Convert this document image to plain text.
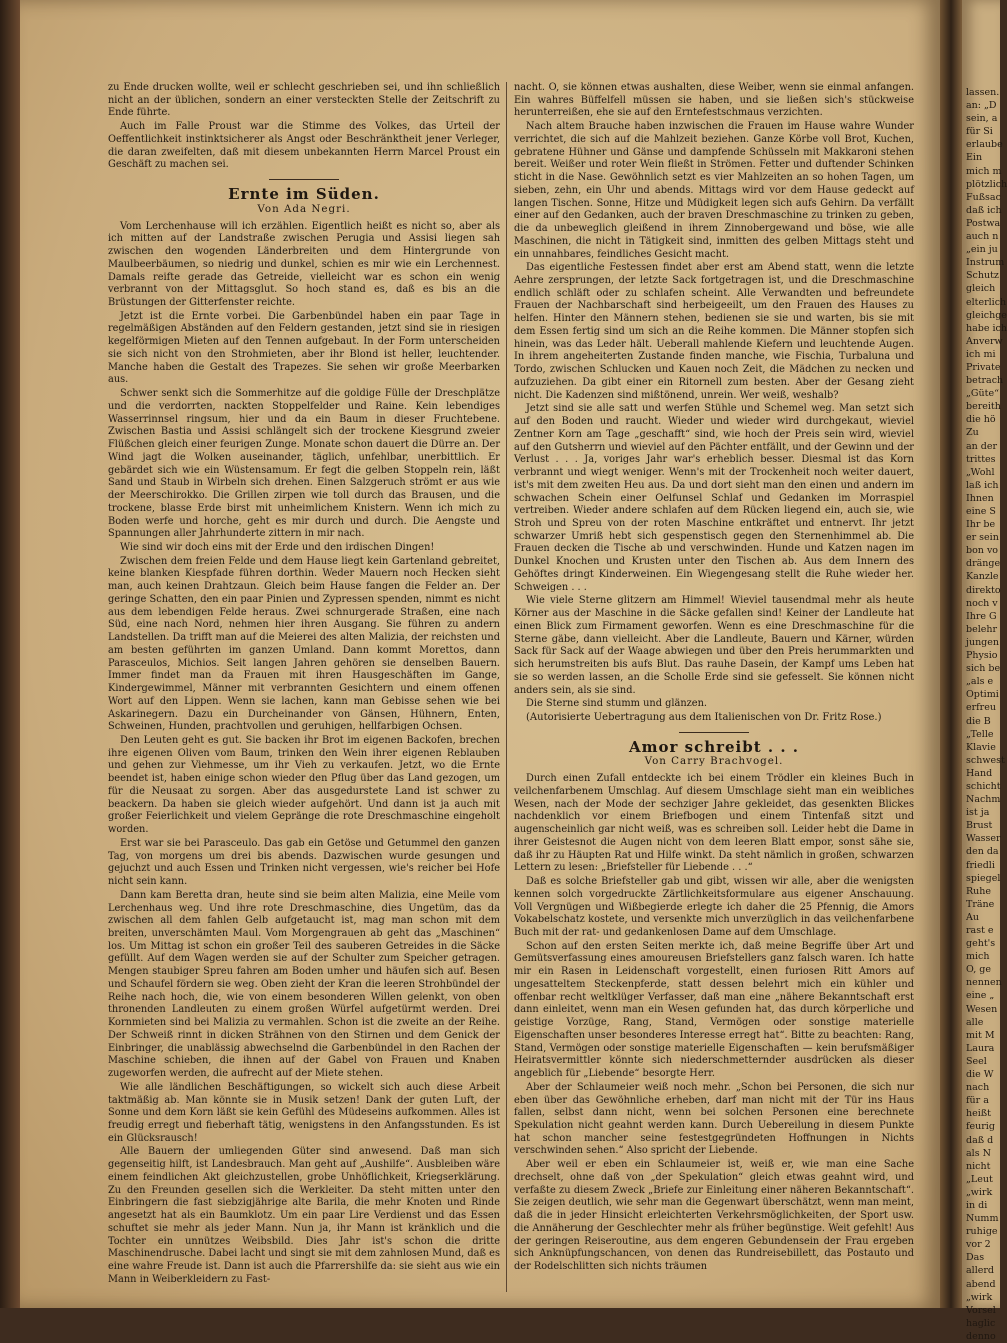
zu Ende drucken wollte, weil er schlecht geschrieben sei, und ihn schließlich nicht an der üblichen, sondern an einer versteckten Stelle der Zeitschrift zu Ende führte.

Auch im Falle Proust war die Stimme des Volkes, das Urteil der Oeffentlichkeit instinktsicherer als Angst oder Beschränktheit jener Verleger, die daran zweifelten, daß mit diesem unbekannten Herrn Marcel Proust ein Geschäft zu machen sei.

Ernte im Süden.
Von Ada Negri.

Vom Lerchenhause will ich erzählen. Eigentlich heißt es nicht so, aber als ich mitten auf der Landstraße zwischen Perugia und Assisi liegen sah zwischen den wogenden Länderbreiten und dem Hintergrunde von Maulbeerbäumen, so niedrig und dunkel, schien es mir wie ein Lerchennest. Damals reifte gerade das Getreide, vielleicht war es schon ein wenig verbrannt von der Mittagsglut. So hoch stand es, daß es bis an die Brüstungen der Gitterfenster reichte.

Jetzt ist die Ernte vorbei. Die Garbenbündel haben ein paar Tage in regelmäßigen Abständen auf den Feldern gestanden, jetzt sind sie in riesigen kegelförmigen Mieten auf den Tennen aufgebaut. In der Form unterscheiden sie sich nicht von den Strohmieten, aber ihr Blond ist heller, leuchtender. Manche haben die Gestalt des Trapezes. Sie sehen wir große Meerbarken aus.

Schwer senkt sich die Sommerhitze auf die goldige Fülle der Dreschplätze und die verdorrten, nackten Stoppelfelder und Raine. Kein lebendiges Wasserrinnsel ringsum, hier und da ein Baum in dieser Fruchtebene. Zwischen Bastia und Assisi schlängelt sich der trockene Kiesgrund zweier Flüßchen gleich einer feurigen Zunge. Monate schon dauert die Dürre an. Der Wind jagt die Wolken auseinander, täglich, unfehlbar, unerbittlich. Er gebärdet sich wie ein Wüstensamum. Er fegt die gelben Stoppeln rein, läßt Sand und Staub in Wirbeln sich drehen. Einen Salzgeruch strömt er aus wie der Meerschirokko. Die Grillen zirpen wie toll durch das Brausen, und die trockene, blasse Erde birst mit unheimlichem Knistern. Wenn ich mich zu Boden werfe und horche, geht es mir durch und durch. Die Aengste und Spannungen aller Jahrhunderte zittern in mir nach.

Wie sind wir doch eins mit der Erde und den irdischen Dingen!

Zwischen dem freien Felde und dem Hause liegt kein Gartenland gebreitet, keine blanken Kiespfade führen dorthin. Weder Mauern noch Hecken sieht man, auch keinen Drahtzaun. Gleich beim Hause fangen die Felder an. Der geringe Schatten, den ein paar Pinien und Zypressen spenden, nimmt es nicht aus dem lebendigen Felde heraus. Zwei schnurgerade Straßen, eine nach Süd, eine nach Nord, nehmen hier ihren Ausgang. Sie führen zu andern Landstellen. Da trifft man auf die Meierei des alten Malizia, der reichsten und am besten geführten im ganzen Umland. Dann kommt Morettos, dann Parasceulos, Michios. Seit langen Jahren gehören sie denselben Bauern. Immer findet man da Frauen mit ihren Hausgeschäften im Gange, Kindergewimmel, Männer mit verbrannten Gesichtern und einem offenen Wort auf den Lippen. Wenn sie lachen, kann man Gebisse sehen wie bei Askarinegern. Dazu ein Durcheinander von Gänsen, Hühnern, Enten, Schweinen, Hunden, prachtvollen und geruhigen, hellfarbigen Ochsen.

Den Leuten geht es gut. Sie backen ihr Brot im eigenen Backofen, brechen ihre eigenen Oliven vom Baum, trinken den Wein ihrer eigenen Reblauben und gehen zur Viehmesse, um ihr Vieh zu verkaufen. Jetzt, wo die Ernte beendet ist, haben einige schon wieder den Pflug über das Land gezogen, um für die Neusaat zu sorgen. Aber das ausgedurstete Land ist schwer zu beackern. Da haben sie gleich wieder aufgehört. Und dann ist ja auch mit großer Feierlichkeit und vielem Gepränge die rote Dreschmaschine eingeholt worden.

Erst war sie bei Parasceulo. Das gab ein Getöse und Getummel den ganzen Tag, von morgens um drei bis abends. Dazwischen wurde gesungen und gejuchzt und auch Essen und Trinken nicht vergessen, wie's reicher bei Hofe nicht sein kann.

Dann kam Beretta dran, heute sind sie beim alten Malizia, eine Meile vom Lerchenhaus weg. Und ihre rote Dreschmaschine, dies Ungetüm, das da zwischen all dem fahlen Gelb aufgetaucht ist, mag man schon mit dem breiten, unverschämten Maul. Vom Morgengrauen ab geht das „Maschinen“ los. Um Mittag ist schon ein großer Teil des sauberen Getreides in die Säcke gefüllt. Auf dem Wagen werden sie auf der Schulter zum Speicher getragen. Mengen staubiger Spreu fahren am Boden umher und häufen sich auf. Besen und Schaufel fördern sie weg. Oben zieht der Kran die leeren Strohbündel der Reihe nach hoch, die, wie von einem besonderen Willen gelenkt, von oben thronenden Landleuten zu einem großen Würfel aufgetürmt werden. Drei Kornmieten sind bei Malizia zu vermahlen. Schon ist die zweite an der Reihe. Der Schweiß rinnt in dicken Strähnen von den Stirnen und dem Genick der Einbringer, die unablässig abwechselnd die Garbenbündel in den Rachen der Maschine schieben, die ihnen auf der Gabel von Frauen und Knaben zugeworfen werden, die aufrecht auf der Miete stehen.

Wie alle ländlichen Beschäftigungen, so wickelt sich auch diese Arbeit taktmäßig ab. Man könnte sie in Musik setzen! Dank der guten Luft, der Sonne und dem Korn läßt sie kein Gefühl des Müdeseins aufkommen. Alles ist freudig erregt und fieberhaft tätig, wenigstens in den Anfangsstunden. Es ist ein Glücksrausch!

Alle Bauern der umliegenden Güter sind anwesend. Daß man sich gegenseitig hilft, ist Landesbrauch. Man geht auf „Aushilfe“. Ausbleiben wäre einem feindlichen Akt gleichzustellen, grobe Unhöflichkeit, Kriegserklärung. Zu den Freunden gesellen sich die Werkleiter. Da steht mitten unter den Einbringern die fast siebzigjährige alte Barila, die mehr Knoten und Rinde angesetzt hat als ein Baumklotz. Um ein paar Lire Verdienst und das Essen schuftet sie mehr als jeder Mann. Nun ja, ihr Mann ist kränklich und die Tochter ein unnützes Weibsbild. Dies Jahr ist's schon die dritte Maschinendrusche. Dabei lacht und singt sie mit dem zahnlosen Mund, daß es eine wahre Freude ist. Dann ist auch die Pfarrershilfe da: sie sieht aus wie ein Mann in Weiberkleidern zu Fast-

nacht. O, sie können etwas aushalten, diese Weiber, wenn sie einmal anfangen. Ein wahres Büffelfell müssen sie haben, und sie ließen sich's stückweise herunterreißen, ehe sie auf den Erntefestschmaus verzichten.

Nach altem Brauche haben inzwischen die Frauen im Hause wahre Wunder verrichtet, die sich auf die Mahlzeit beziehen. Ganze Körbe voll Brot, Kuchen, gebratene Hühner und Gänse und dampfende Schüsseln mit Makkaroni stehen bereit. Weißer und roter Wein fließt in Strömen. Fetter und duftender Schinken sticht in die Nase. Gewöhnlich setzt es vier Mahlzeiten an so hohen Tagen, um sieben, zehn, ein Uhr und abends. Mittags wird vor dem Hause gedeckt auf langen Tischen. Sonne, Hitze und Müdigkeit legen sich aufs Gehirn. Da verfällt einer auf den Gedanken, auch der braven Dreschmaschine zu trinken zu geben, die da unbeweglich gleißend in ihrem Zinnobergewand und böse, wie alle Maschinen, die nicht in Tätigkeit sind, inmitten des gelben Mittags steht und ein unnahbares, feindliches Gesicht macht.

Das eigentliche Festessen findet aber erst am Abend statt, wenn die letzte Aehre zersprungen, der letzte Sack fortgetragen ist, und die Dreschmaschine endlich schläft oder zu schlafen scheint. Alle Verwandten und befreundete Frauen der Nachbarschaft sind herbeigeeilt, um den Frauen des Hauses zu helfen. Hinter den Männern stehen, bedienen sie sie und warten, bis sie mit dem Essen fertig sind um sich an die Reihe kommen. Die Männer stopfen sich hinein, was das Leder hält. Ueberall mahlende Kiefern und leuchtende Augen. In ihrem angeheiterten Zustande finden manche, wie Fischia, Turbaluna und Tordo, zwischen Schlucken und Kauen noch Zeit, die Mädchen zu necken und aufzuziehen. Da gibt einer ein Ritornell zum besten. Aber der Gesang zieht nicht. Die Kadenzen sind mißtönend, unrein. Wer weiß, weshalb?

Jetzt sind sie alle satt und werfen Stühle und Schemel weg. Man setzt sich auf den Boden und raucht. Wieder und wieder wird durchgekaut, wieviel Zentner Korn am Tage „geschafft“ sind, wie hoch der Preis sein wird, wieviel auf den Gutsherrn und wieviel auf den Pächter entfällt, und der Gewinn und der Verlust . . . Ja, voriges Jahr war's erheblich besser. Diesmal ist das Korn verbrannt und wiegt weniger. Wenn's mit der Trockenheit noch weiter dauert, ist's mit dem zweiten Heu aus. Da und dort sieht man den einen und andern im schwachen Schein einer Oelfunsel Schlaf und Gedanken im Morraspiel vertreiben. Wieder andere schlafen auf dem Rücken liegend ein, auch sie, wie Stroh und Spreu von der roten Maschine entkräftet und entnervt. Ihr jetzt schwarzer Umriß hebt sich gespenstisch gegen den Sternenhimmel ab. Die Frauen decken die Tische ab und verschwinden. Hunde und Katzen nagen im Dunkel Knochen und Krusten unter den Tischen ab. Aus dem Innern des Gehöftes dringt Kinderweinen. Ein Wiegengesang stellt die Ruhe wieder her. Schweigen . . .

Wie viele Sterne glitzern am Himmel! Wieviel tausendmal mehr als heute Körner aus der Maschine in die Säcke gefallen sind! Keiner der Landleute hat einen Blick zum Firmament geworfen. Wenn es eine Dreschmaschine für die Sterne gäbe, dann vielleicht. Aber die Landleute, Bauern und Kärner, würden Sack für Sack auf der Waage abwiegen und über den Preis herummarkten und sich herumstreiten bis aufs Blut. Das rauhe Dasein, der Kampf ums Leben hat sie so werden lassen, an die Scholle Erde sind sie gefesselt. Sie können nicht anders sein, als sie sind.

Die Sterne sind stumm und glänzen.

(Autorisierte Uebertragung aus dem Italienischen von Dr. Fritz Rose.)

Amor schreibt . . .
Von Carry Brachvogel.

Durch einen Zufall entdeckte ich bei einem Trödler ein kleines Buch in veilchenfarbenem Umschlag. Auf diesem Umschlage sieht man ein weibliches Wesen, nach der Mode der sechziger Jahre gekleidet, das gesenkten Blickes nachdenklich vor einem Briefbogen und einem Tintenfaß sitzt und augenscheinlich gar nicht weiß, was es schreiben soll. Leider hebt die Dame in ihrer Geistesnot die Augen nicht von dem leeren Blatt empor, sonst sähe sie, daß ihr zu Häupten Rat und Hilfe winkt. Da steht nämlich in großen, schwarzen Lettern zu lesen: „Briefsteller für Liebende . . .“

Daß es solche Briefsteller gab und gibt, wissen wir alle, aber die wenigsten kennen solch vorgedruckte Zärtlichkeitsformulare aus eigener Anschauung. Voll Vergnügen und Wißbegierde erlegte ich daher die 25 Pfennig, die Amors Vokabelschatz kostete, und versenkte mich unverzüglich in das veilchenfarbene Buch mit der rat- und gedankenlosen Dame auf dem Umschlage.

Schon auf den ersten Seiten merkte ich, daß meine Begriffe über Art und Gemütsverfassung eines amoureusen Briefstellers ganz falsch waren. Ich hatte mir ein Rasen in Leidenschaft vorgestellt, einen furiosen Ritt Amors auf ungesatteltem Steckenpferde, statt dessen belehrt mich ein kühler und offenbar recht weltklüger Verfasser, daß man eine „nähere Bekanntschaft erst dann einleitet, wenn man ein Wesen gefunden hat, das durch körperliche und geistige Vorzüge, Rang, Stand, Vermögen oder sonstige materielle Eigenschaften unser besonderes Interesse erregt hat“. Bitte zu beachten: Rang, Stand, Vermögen oder sonstige materielle Eigenschaften — kein berufsmäßiger Heiratsvermittler könnte sich niederschmetternder ausdrücken als dieser angeblich für „Liebende“ besorgte Herr.

Aber der Schlaumeier weiß noch mehr. „Schon bei Personen, die sich nur eben über das Gewöhnliche erheben, darf man nicht mit der Tür ins Haus fallen, selbst dann nicht, wenn bei solchen Personen eine berechnete Spekulation nicht geahnt werden kann. Durch Uebereilung in diesem Punkte hat schon mancher seine festestgegründeten Hoffnungen in Nichts verschwinden sehen.“ Also spricht der Liebende.

Aber weil er eben ein Schlaumeier ist, weiß er, wie man eine Sache drechselt, ohne daß von „der Spekulation“ gleich etwas geahnt wird, und verfaßte zu diesem Zweck „Briefe zur Einleitung einer näheren Bekanntschaft“. Sie zeigen deutlich, wie sehr man die Gegenwart überschätzt, wenn man meint, daß die in jeder Hinsicht erleichterten Verkehrsmöglichkeiten, der Sport usw. die Annäherung der Geschlechter mehr als früher begünstige. Weit gefehlt! Aus der geringen Reiseroutine, aus dem engeren Gebundensein der Frau ergeben sich Anknüpfungschancen, von denen das Rundreisebillett, das Postauto und der Rodelschlitten sich nichts träumen

lassen.
an: „D
sein, a
für Si
erlaube
Ein
mich m
plötzlich
Fußsac
daß ich
Postwa
auch n
„ein ju
Instrum
Schutz
gleich
elterlich
gleichge
habe ich
Anverw
ich mi
Private
betrach
„Güte“
bereith
die hö
Zu
an der
trittes
„Wohl
laß ich
Ihnen
eine S
Ihr be
er sein
bon vo
dränge
Kanzle
direkto
noch v
Ihre G
belehr
jungen
Physio
sich be
„als e
Optimi
erfreu
die B
„Telle
Klavie
schwest
Hand
schicht
Nachm
ist ja
Brust
Wasser
den da
friedli
spiegel
Ruhe
Träne
Au
rast e
geht's
mich
O, ge
nennen
eine „
Wesen
alle
mit M
Laura
Seel
die W
nach
für a
heißt
feurig
daß d
als N
nicht
„Leut
„wirk
in di
Numm
ruhige
vor 2
Das
allerd
abend
„wirk
Vorsel
haglic
denno
